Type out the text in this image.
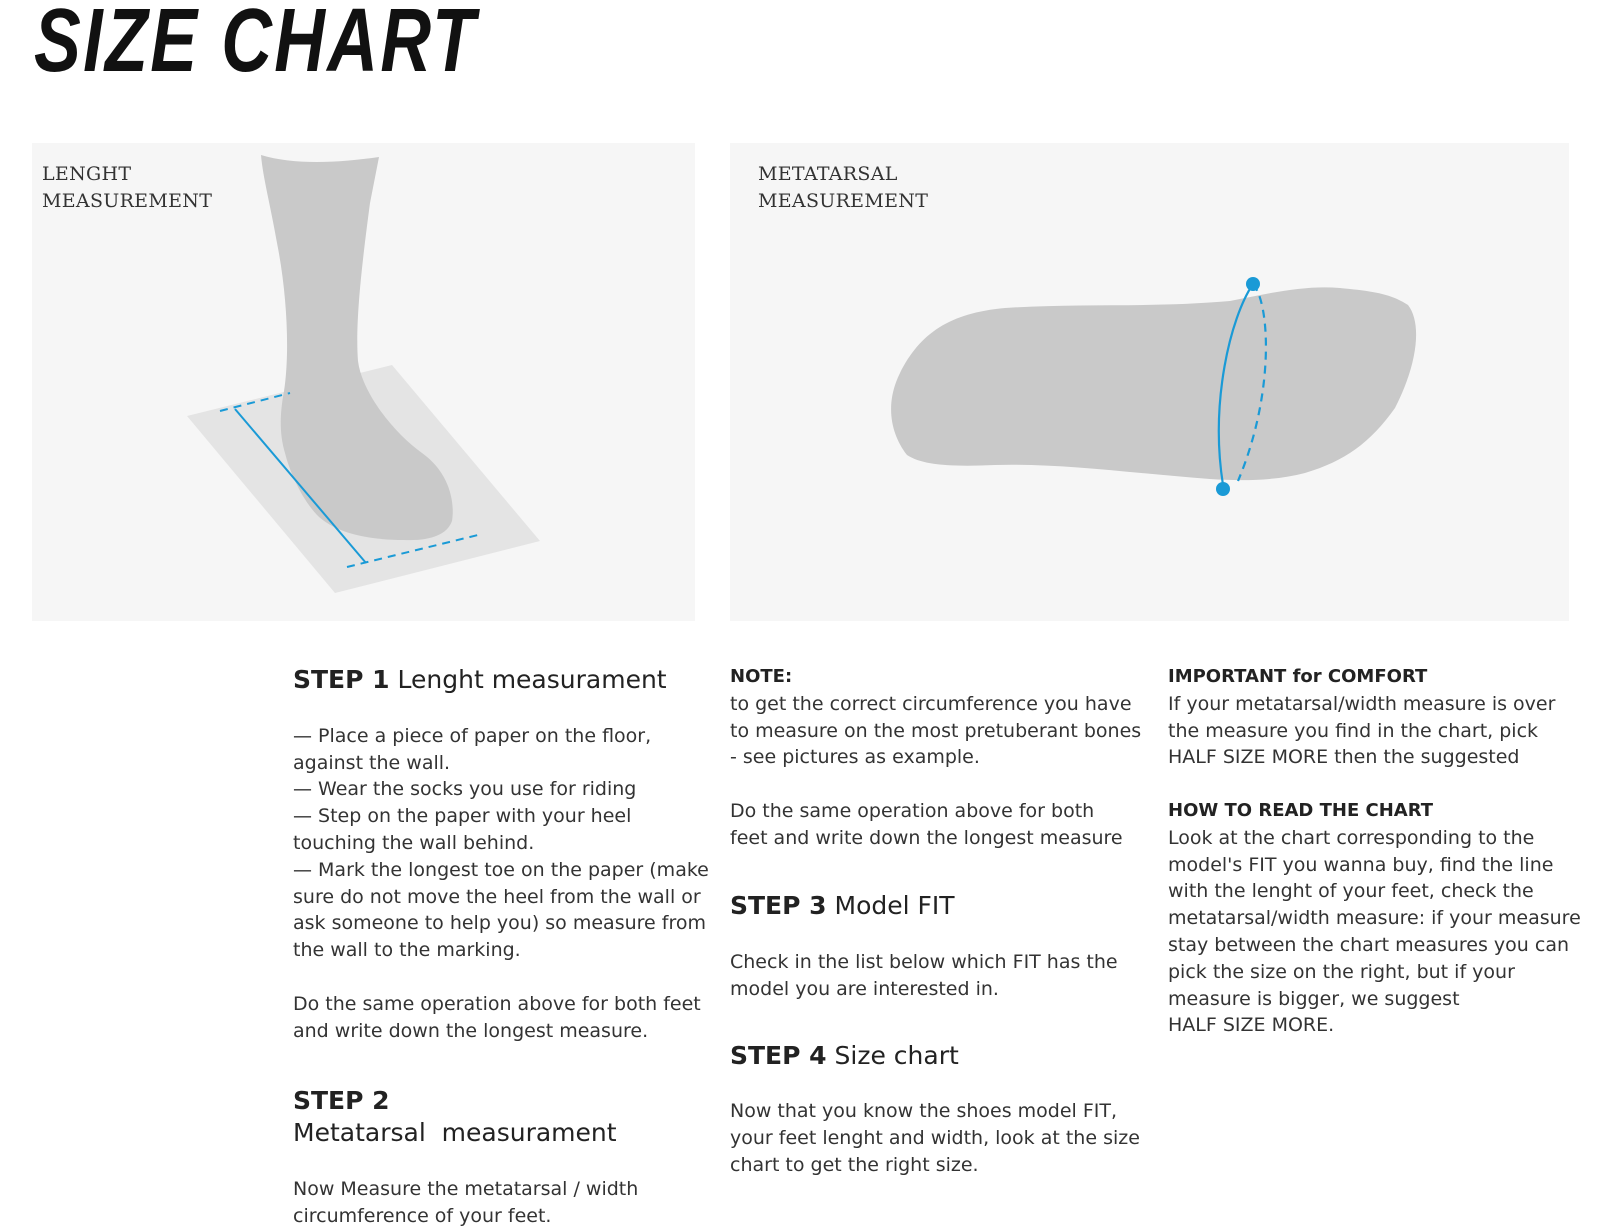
SIZE CHART
LENGHT
MEASUREMENT
METATARSAL
MEASUREMENT

STEP 1 Lenght measurament

— Place a piece of paper on the floor,
against the wall.
— Wear the socks you use for riding
— Step on the paper with your heel
touching the wall behind.
— Mark the longest toe on the paper (make
sure do not move the heel from the wall or
ask someone to help you) so measure from
the wall to the marking.

Do the same operation above for both feet
and write down the longest measure.

STEP 2 Metatarsal  measurament

Now Measure the metatarsal / width
circumference of your feet.

NOTE:
to get the correct circumference you have
to measure on the most pretuberant bones
- see pictures as example.

Do the same operation above for both
feet and write down the longest measure

STEP 3 Model FIT

Check in the list below which FIT has the
model you are interested in.

STEP 4 Size chart

Now that you know the shoes model FIT,
your feet lenght and width, look at the size
chart to get the right size.

IMPORTANT for COMFORT
If your metatarsal/width measure is over
the measure you find in the chart, pick
HALF SIZE MORE then the suggested

HOW TO READ THE CHART
Look at the chart corresponding to the
model's FIT you wanna buy, find the line
with the lenght of your feet, check the
metatarsal/width measure: if your measure
stay between the chart measures you can
pick the size on the right, but if your
measure is bigger, we suggest
HALF SIZE MORE.
